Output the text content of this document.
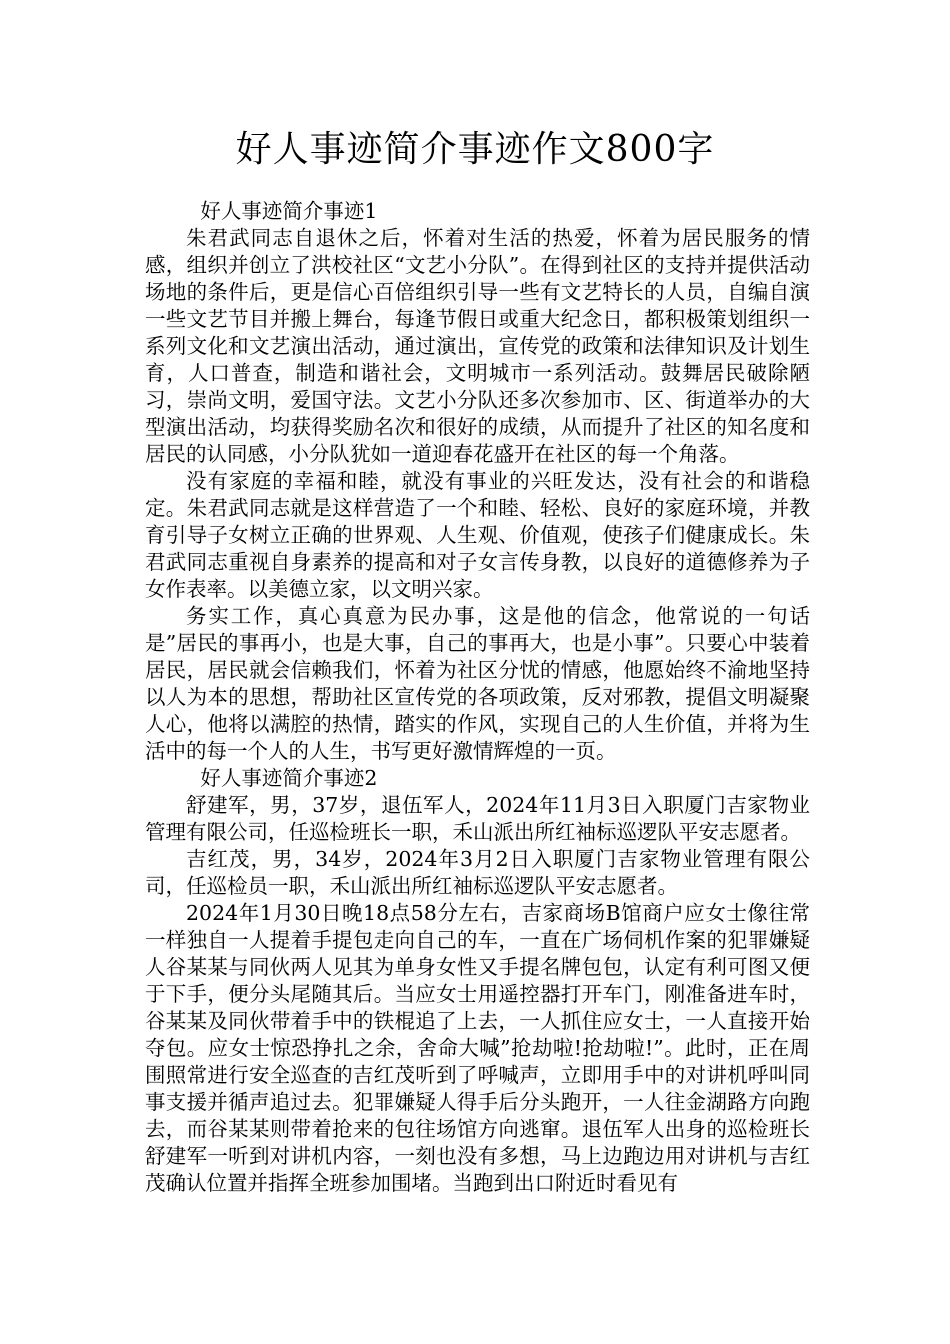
好人事迹简介事迹作文800字

好人事迹简介事迹1

朱君武同志自退休之后，怀着对生活的热爱，怀着为居民服务的情感，组织并创立了洪校社区“文艺小分队”。在得到社区的支持并提供活动场地的条件后，更是信心百倍组织引导一些有文艺特长的人员，自编自演一些文艺节目并搬上舞台，每逢节假日或重大纪念日，都积极策划组织一系列文化和文艺演出活动，通过演出，宣传党的政策和法律知识及计划生育，人口普查，制造和谐社会，文明城市一系列活动。鼓舞居民破除陋习，崇尚文明，爱国守法。文艺小分队还多次参加市、区、街道举办的大型演出活动，均获得奖励名次和很好的成绩，从而提升了社区的知名度和居民的认同感，小分队犹如一道迎春花盛开在社区的每一个角落。

没有家庭的幸福和睦，就没有事业的兴旺发达，没有社会的和谐稳定。朱君武同志就是这样营造了一个和睦、轻松、良好的家庭环境，并教育引导子女树立正确的世界观、人生观、价值观，使孩子们健康成长。朱君武同志重视自身素养的提高和对子女言传身教，以良好的道德修养为子女作表率。以美德立家，以文明兴家。

务实工作，真心真意为民办事，这是他的信念，他常说的一句话是”居民的事再小，也是大事，自己的事再大，也是小事”。只要心中装着居民，居民就会信赖我们，怀着为社区分忧的情感，他愿始终不渝地坚持以人为本的思想，帮助社区宣传党的各项政策，反对邪教，提倡文明凝聚人心，他将以满腔的热情，踏实的作风，实现自己的人生价值，并将为生活中的每一个人的人生，书写更好激情辉煌的一页。

好人事迹简介事迹2

舒建军，男，37岁，退伍军人，2024年11月3日入职厦门吉家物业管理有限公司，任巡检班长一职，禾山派出所红袖标巡逻队平安志愿者。

吉红茂，男，34岁，2024年3月2日入职厦门吉家物业管理有限公司，任巡检员一职，禾山派出所红袖标巡逻队平安志愿者。

2024年1月30日晚18点58分左右，吉家商场B馆商户应女士像往常一样独自一人提着手提包走向自己的车，一直在广场伺机作案的犯罪嫌疑人谷某某与同伙两人见其为单身女性又手提名牌包包，认定有利可图又便于下手，便分头尾随其后。当应女士用遥控器打开车门，刚准备进车时，谷某某及同伙带着手中的铁棍追了上去，一人抓住应女士，一人直接开始夺包。应女士惊恐挣扎之余，舍命大喊”抢劫啦!抢劫啦!”。此时，正在周围照常进行安全巡查的吉红茂听到了呼喊声，立即用手中的对讲机呼叫同事支援并循声追过去。犯罪嫌疑人得手后分头跑开，一人往金湖路方向跑去，而谷某某则带着抢来的包往场馆方向逃窜。退伍军人出身的巡检班长舒建军一听到对讲机内容，一刻也没有多想，马上边跑边用对讲机与吉红茂确认位置并指挥全班参加围堵。当跑到出口附近时看见有
